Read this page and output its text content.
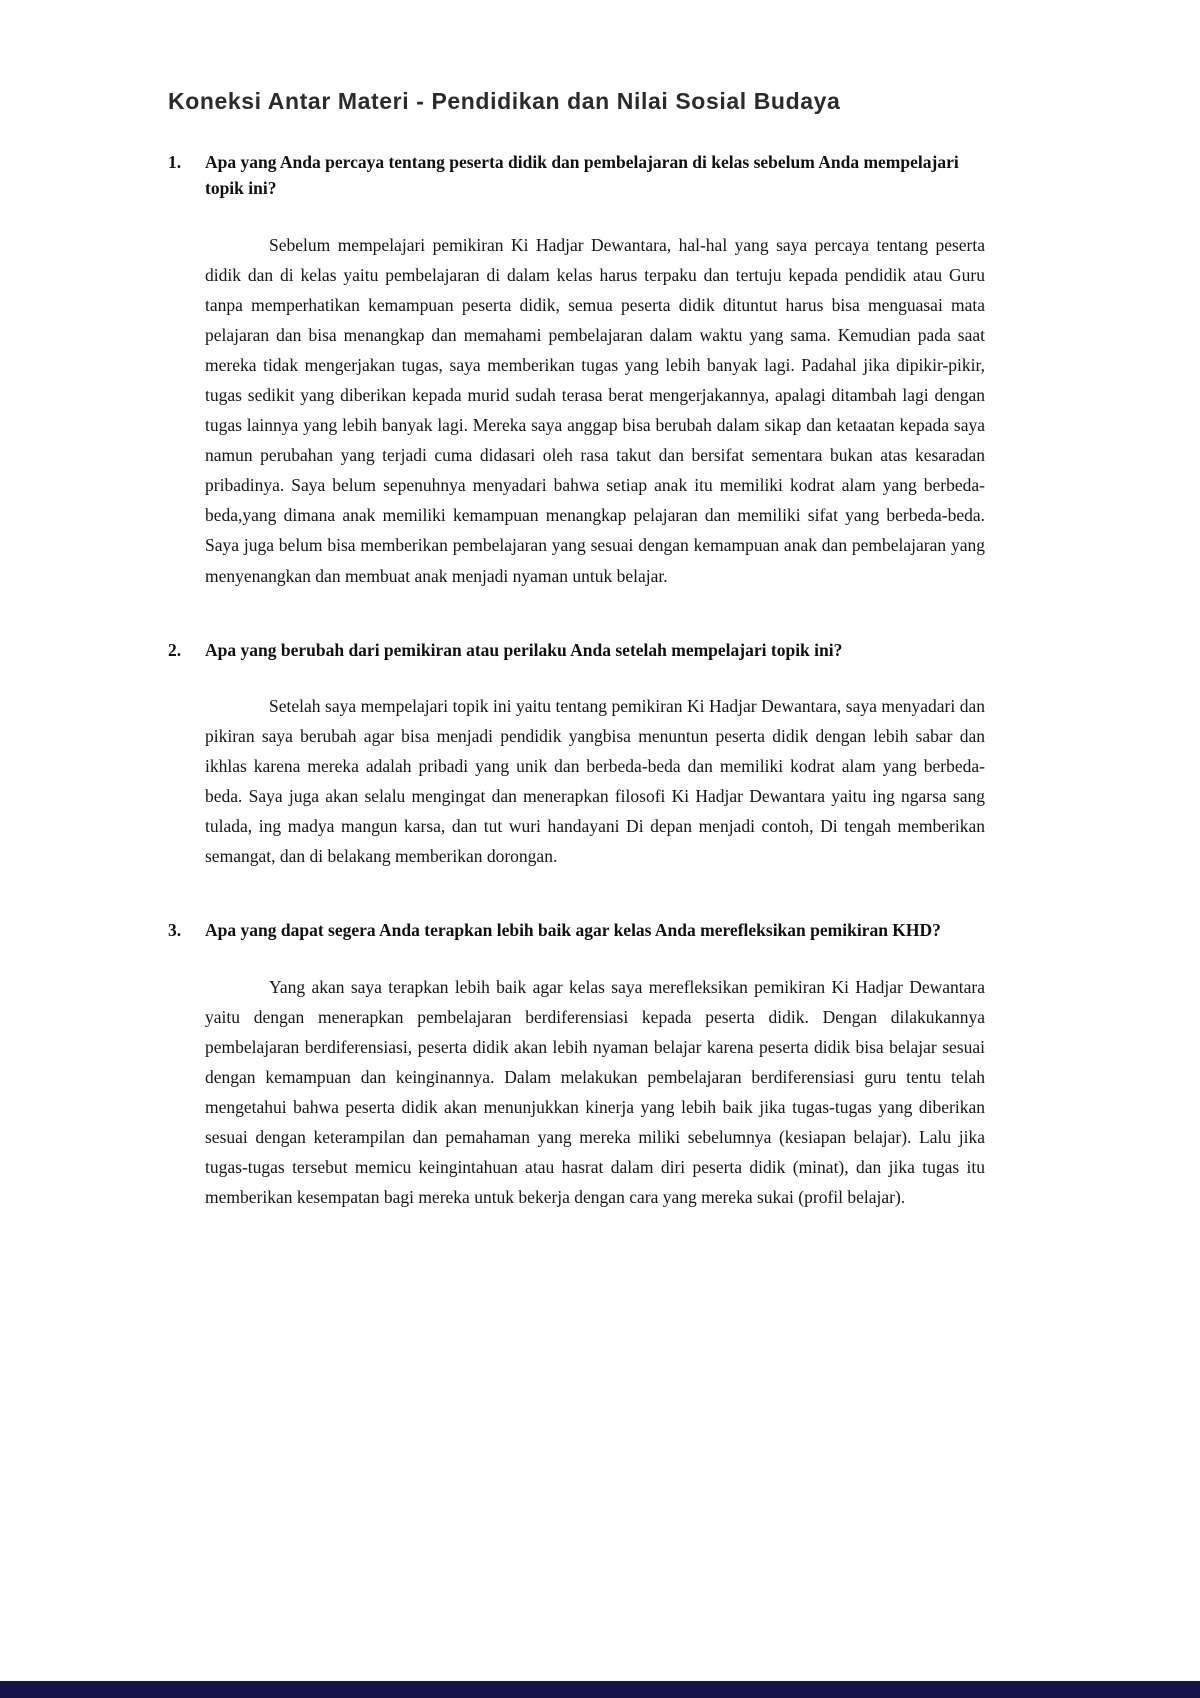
Koneksi Antar Materi - Pendidikan dan Nilai Sosial Budaya
1.	Apa yang Anda percaya tentang peserta didik dan pembelajaran di kelas sebelum Anda mempelajari topik ini?

Sebelum mempelajari pemikiran Ki Hadjar Dewantara, hal-hal yang saya percaya tentang peserta didik dan di kelas yaitu pembelajaran di dalam kelas harus terpaku dan tertuju kepada pendidik atau Guru tanpa memperhatikan kemampuan peserta didik, semua peserta didik dituntut harus bisa menguasai mata pelajaran dan bisa menangkap dan memahami pembelajaran dalam waktu yang sama. Kemudian pada saat mereka tidak mengerjakan tugas, saya memberikan tugas yang lebih banyak lagi. Padahal jika dipikir-pikir, tugas sedikit yang diberikan kepada murid sudah terasa berat mengerjakannya, apalagi ditambah lagi dengan tugas lainnya yang lebih banyak lagi. Mereka saya anggap bisa berubah dalam sikap dan ketaatan kepada saya namun perubahan yang terjadi cuma didasari oleh rasa takut dan bersifat sementara bukan atas kesaradan pribadinya. Saya belum sepenuhnya menyadari bahwa setiap anak itu memiliki kodrat alam yang berbeda-beda,yang dimana anak memiliki kemampuan menangkap pelajaran dan memiliki sifat yang berbeda-beda. Saya juga belum bisa memberikan pembelajaran yang sesuai dengan kemampuan anak dan pembelajaran yang menyenangkan dan membuat anak menjadi nyaman untuk belajar.

2.	Apa yang berubah dari pemikiran atau perilaku Anda setelah mempelajari topik ini?

Setelah saya mempelajari topik ini yaitu tentang pemikiran Ki Hadjar Dewantara, saya menyadari dan pikiran saya berubah agar bisa menjadi pendidik yangbisa menuntun peserta didik dengan lebih sabar dan ikhlas karena mereka adalah pribadi yang unik dan berbeda-beda dan memiliki kodrat alam yang berbeda-beda. Saya juga akan selalu mengingat dan menerapkan filosofi Ki Hadjar Dewantara yaitu ing ngarsa sang tulada, ing madya mangun karsa, dan tut wuri handayani Di depan menjadi contoh, Di tengah memberikan semangat, dan di belakang memberikan dorongan.

3.	Apa yang dapat segera Anda terapkan lebih baik agar kelas Anda merefleksikan pemikiran KHD?

Yang akan saya terapkan lebih baik agar kelas saya merefleksikan pemikiran Ki Hadjar Dewantara yaitu dengan menerapkan pembelajaran berdiferensiasi kepada peserta didik. Dengan dilakukannya pembelajaran berdiferensiasi, peserta didik akan lebih nyaman belajar karena peserta didik bisa belajar sesuai dengan kemampuan dan keinginannya. Dalam melakukan pembelajaran berdiferensiasi guru tentu telah mengetahui bahwa peserta didik akan menunjukkan kinerja yang lebih baik jika tugas-tugas yang diberikan sesuai dengan keterampilan dan pemahaman yang mereka miliki sebelumnya (kesiapan belajar). Lalu jika tugas-tugas tersebut memicu keingintahuan atau hasrat dalam diri peserta didik (minat), dan jika tugas itu memberikan kesempatan bagi mereka untuk bekerja dengan cara yang mereka sukai (profil belajar).
